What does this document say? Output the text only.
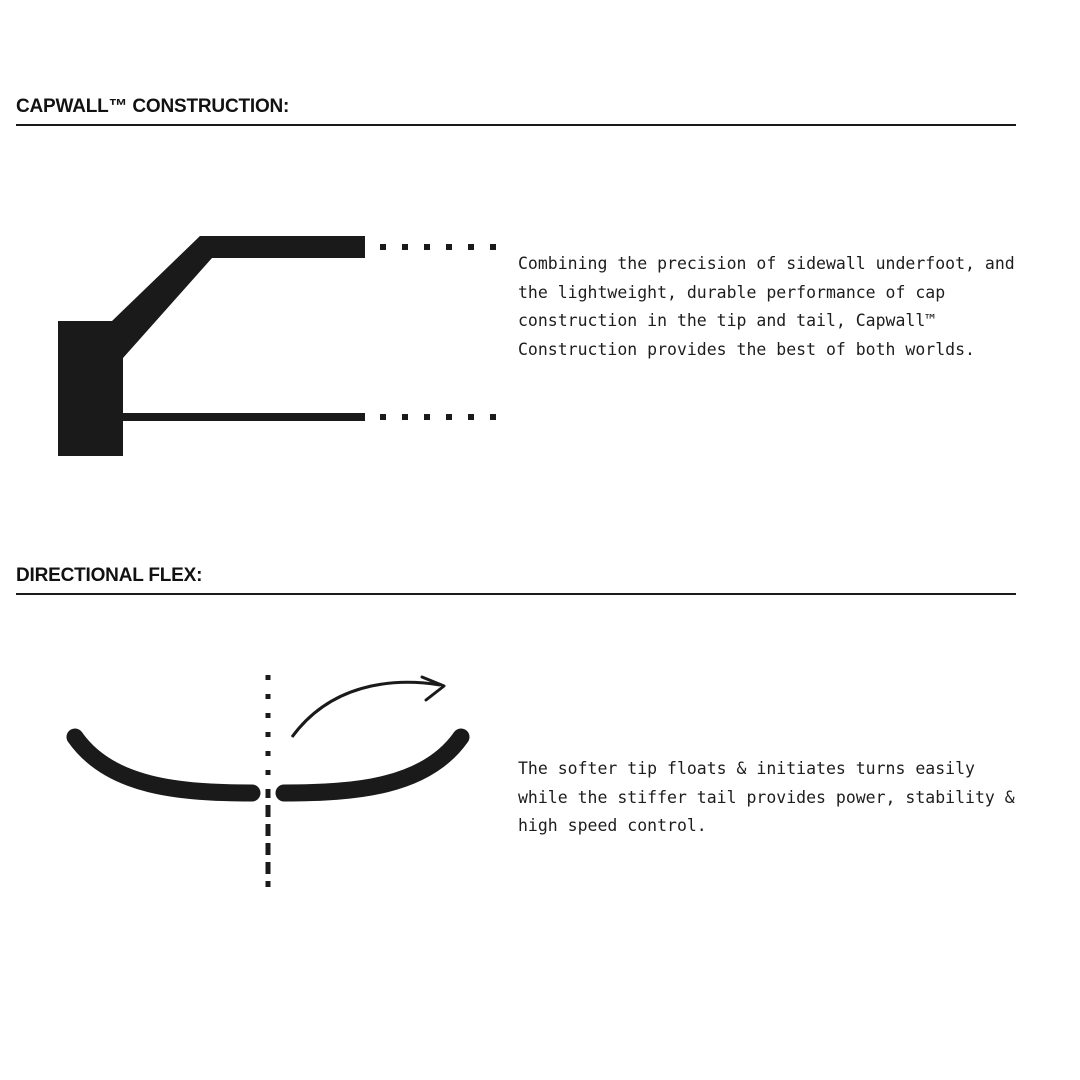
CAPWALL™ CONSTRUCTION:
Combining the precision of sidewall underfoot, and the lightweight, durable performance of cap construction in the tip and tail, Capwall™ Construction provides the best of both worlds.
DIRECTIONAL FLEX:
The softer tip floats & initiates turns easily while the stiffer tail provides power, stability & high speed control.
